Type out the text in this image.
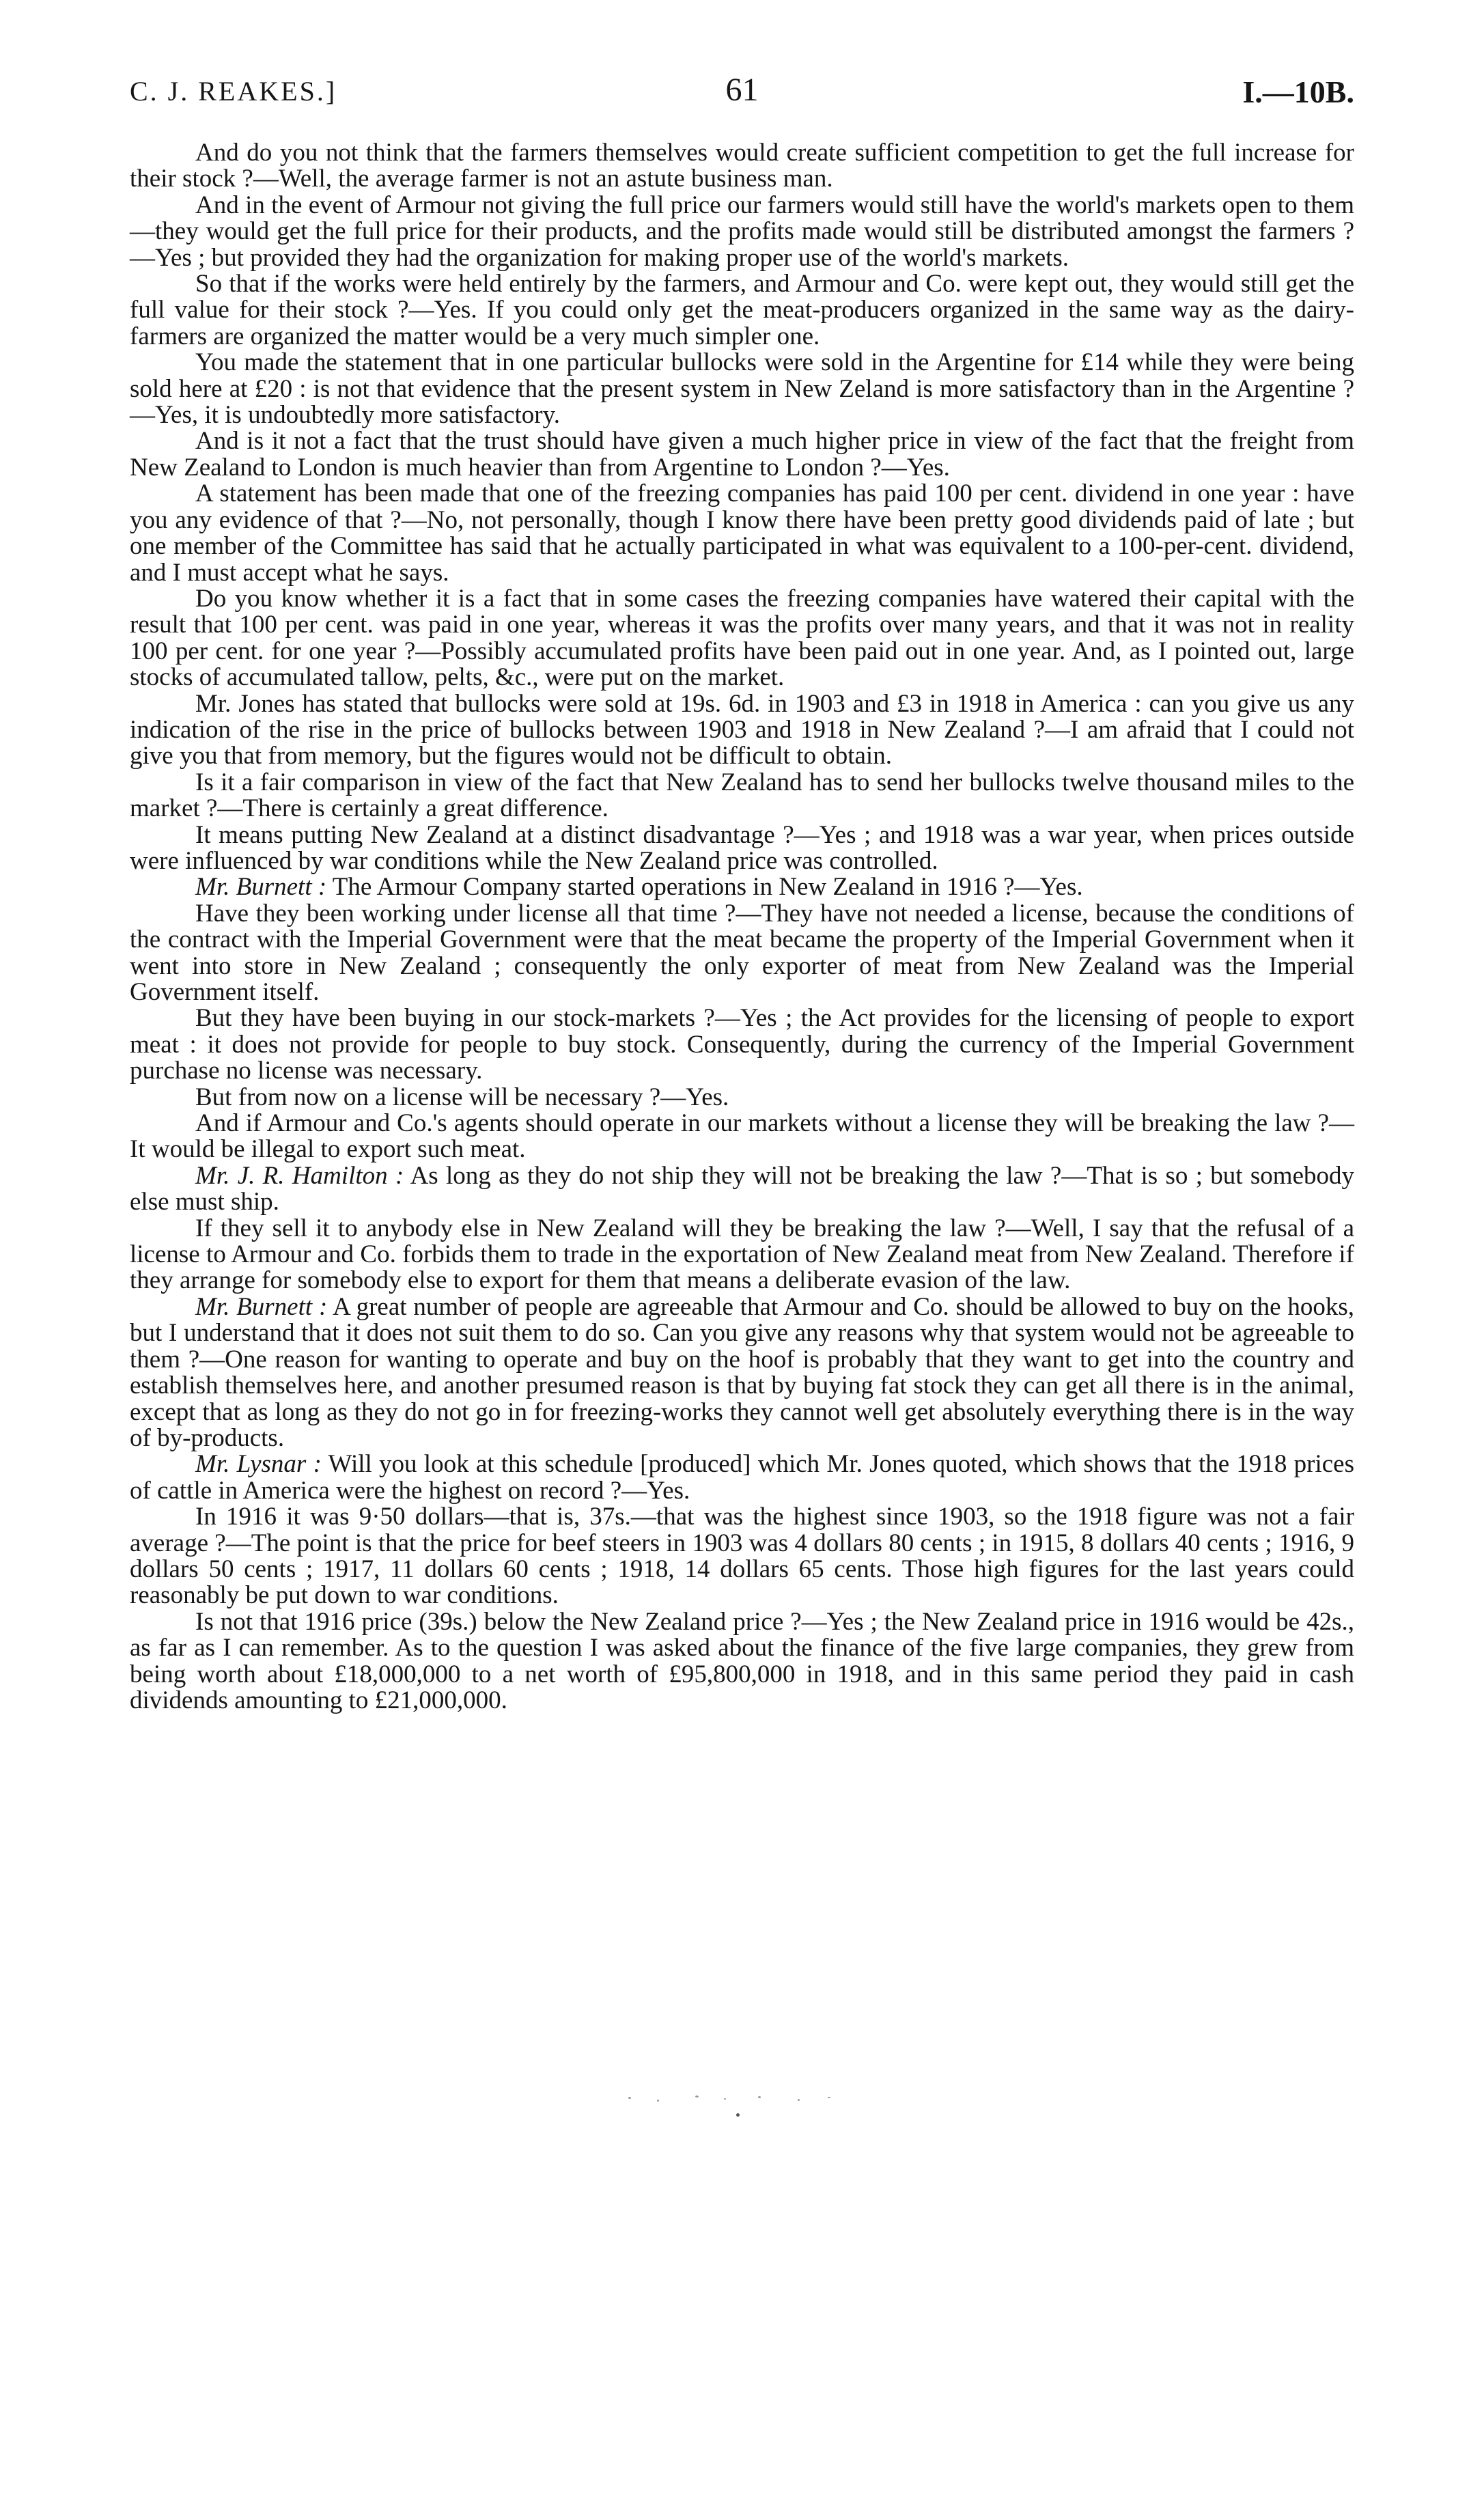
C. J. REAKES.]	61	I.—10B.

And do you not think that the farmers themselves would create sufficient competition to get the full increase for their stock ?—Well, the average farmer is not an astute business man.

And in the event of Armour not giving the full price our farmers would still have the world's markets open to them—they would get the full price for their products, and the profits made would still be distributed amongst the farmers ?—Yes ; but provided they had the organization for making proper use of the world's markets.

So that if the works were held entirely by the farmers, and Armour and Co. were kept out, they would still get the full value for their stock ?—Yes. If you could only get the meat-producers organized in the same way as the dairy-farmers are organized the matter would be a very much simpler one.

You made the statement that in one particular bullocks were sold in the Argentine for £14 while they were being sold here at £20 : is not that evidence that the present system in New Zeland is more satisfactory than in the Argentine ?—Yes, it is undoubtedly more satisfactory.

And is it not a fact that the trust should have given a much higher price in view of the fact that the freight from New Zealand to London is much heavier than from Argentine to London ?—Yes.

A statement has been made that one of the freezing companies has paid 100 per cent. dividend in one year : have you any evidence of that ?—No, not personally, though I know there have been pretty good dividends paid of late ; but one member of the Committee has said that he actually participated in what was equivalent to a 100-per-cent. dividend, and I must accept what he says.

Do you know whether it is a fact that in some cases the freezing companies have watered their capital with the result that 100 per cent. was paid in one year, whereas it was the profits over many years, and that it was not in reality 100 per cent. for one year ?—Possibly accumulated profits have been paid out in one year. And, as I pointed out, large stocks of accumulated tallow, pelts, &c., were put on the market.

Mr. Jones has stated that bullocks were sold at 19s. 6d. in 1903 and £3 in 1918 in America : can you give us any indication of the rise in the price of bullocks between 1903 and 1918 in New Zealand ?—I am afraid that I could not give you that from memory, but the figures would not be difficult to obtain.

Is it a fair comparison in view of the fact that New Zealand has to send her bullocks twelve thousand miles to the market ?—There is certainly a great difference.

It means putting New Zealand at a distinct disadvantage ?—Yes ; and 1918 was a war year, when prices outside were influenced by war conditions while the New Zealand price was controlled.

Mr. Burnett : The Armour Company started operations in New Zealand in 1916 ?—Yes.

Have they been working under license all that time ?—They have not needed a license, because the conditions of the contract with the Imperial Government were that the meat became the property of the Imperial Government when it went into store in New Zealand ; consequently the only exporter of meat from New Zealand was the Imperial Government itself.

But they have been buying in our stock-markets ?—Yes ; the Act provides for the licensing of people to export meat : it does not provide for people to buy stock. Consequently, during the currency of the Imperial Government purchase no license was necessary.

But from now on a license will be necessary ?—Yes.

And if Armour and Co.'s agents should operate in our markets without a license they will be breaking the law ?—It would be illegal to export such meat.

Mr. J. R. Hamilton : As long as they do not ship they will not be breaking the law ?—That is so ; but somebody else must ship.

If they sell it to anybody else in New Zealand will they be breaking the law ?—Well, I say that the refusal of a license to Armour and Co. forbids them to trade in the exportation of New Zealand meat from New Zealand. Therefore if they arrange for somebody else to export for them that means a deliberate evasion of the law.

Mr. Burnett : A great number of people are agreeable that Armour and Co. should be allowed to buy on the hooks, but I understand that it does not suit them to do so. Can you give any reasons why that system would not be agreeable to them ?—One reason for wanting to operate and buy on the hoof is probably that they want to get into the country and establish themselves here, and another presumed reason is that by buying fat stock they can get all there is in the animal, except that as long as they do not go in for freezing-works they cannot well get absolutely everything there is in the way of by-products.

Mr. Lysnar : Will you look at this schedule [produced] which Mr. Jones quoted, which shows that the 1918 prices of cattle in America were the highest on record ?—Yes.

In 1916 it was 9·50 dollars—that is, 37s.—that was the highest since 1903, so the 1918 figure was not a fair average ?—The point is that the price for beef steers in 1903 was 4 dollars 80 cents ; in 1915, 8 dollars 40 cents ; 1916, 9 dollars 50 cents ; 1917, 11 dollars 60 cents ; 1918, 14 dollars 65 cents. Those high figures for the last years could reasonably be put down to war conditions.

Is not that 1916 price (39s.) below the New Zealand price ?—Yes ; the New Zealand price in 1916 would be 42s., as far as I can remember. As to the question I was asked about the finance of the five large companies, they grew from being worth about £18,000,000 to a net worth of £95,800,000 in 1918, and in this same period they paid in cash dividends amounting to £21,000,000.
